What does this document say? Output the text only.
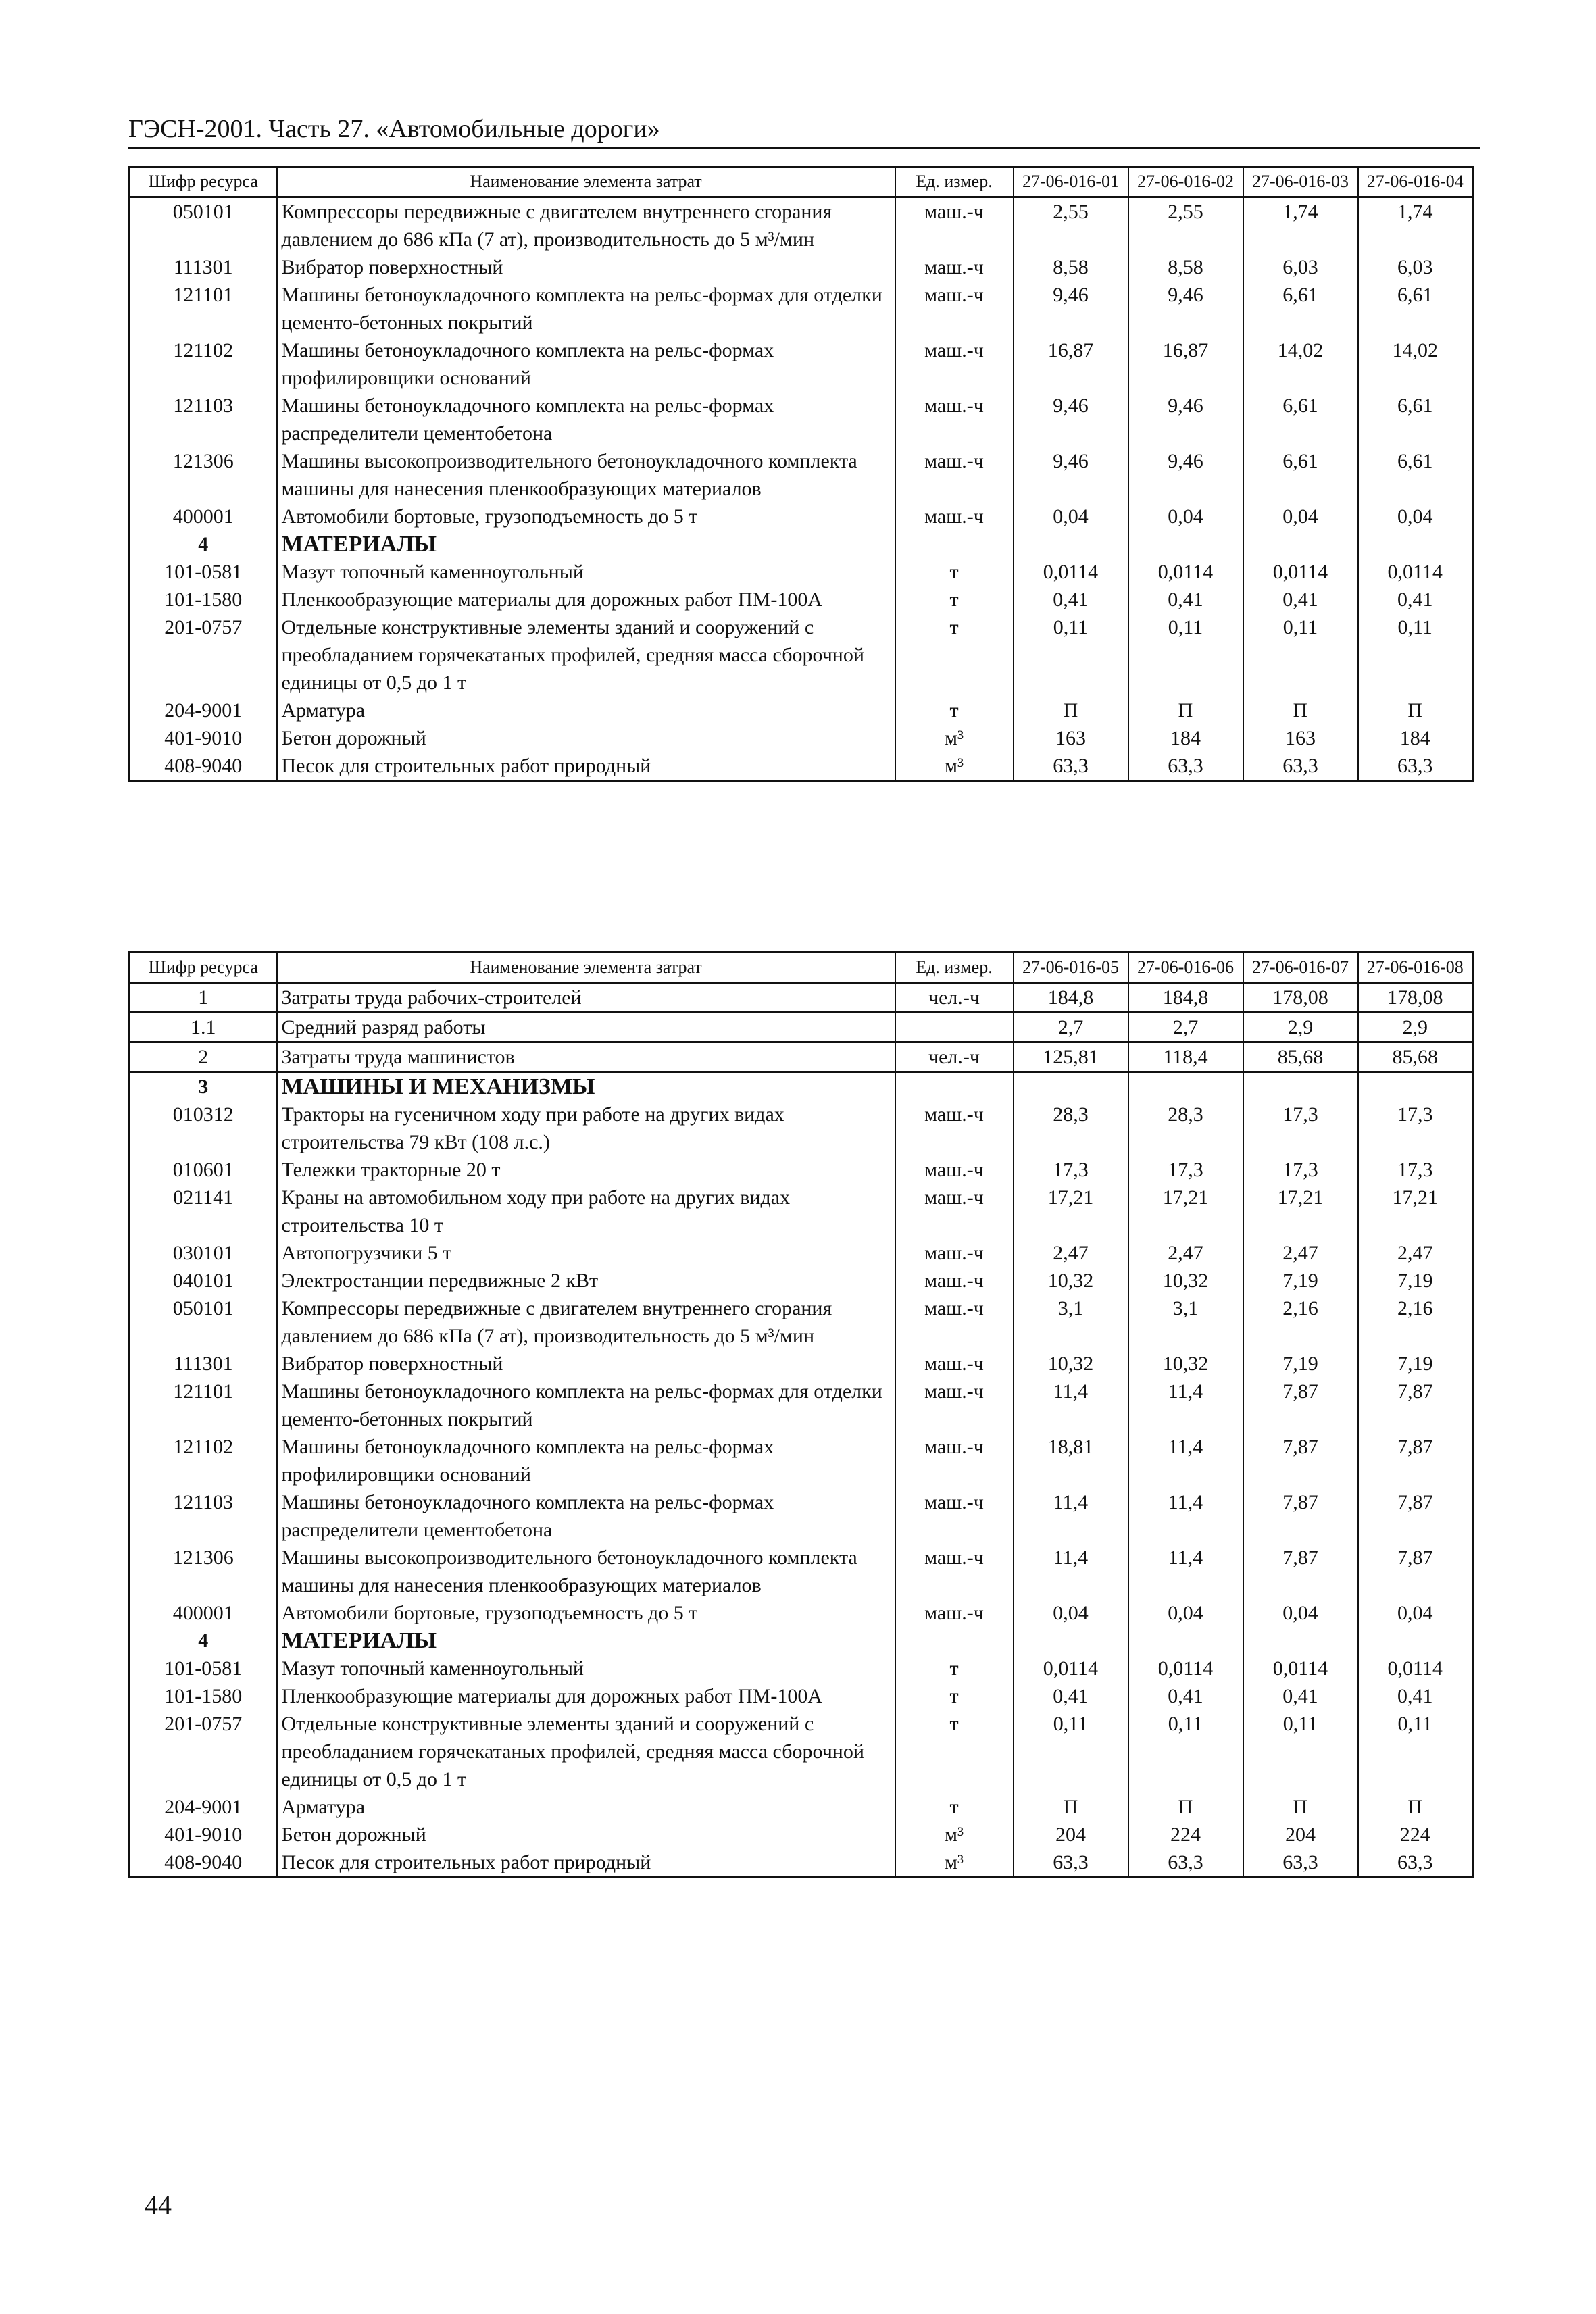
ГЭСН-2001. Часть 27. «Автомобильные дороги»
Шифр ресурса	Наименование элемента затрат	Ед. измер.	27-06-016-01	27-06-016-02	27-06-016-03	27-06-016-04
050101	Компрессоры передвижные с двигателем внутреннего сгорания давлением до 686 кПа (7 ат), производительность до 5 м³/мин	маш.-ч	2,55	2,55	1,74	1,74
111301	Вибратор поверхностный	маш.-ч	8,58	8,58	6,03	6,03
121101	Машины бетоноукладочного комплекта на рельс-формах для отделки цементо-бетонных покрытий	маш.-ч	9,46	9,46	6,61	6,61
121102	Машины бетоноукладочного комплекта на рельс-формах профилировщики оснований	маш.-ч	16,87	16,87	14,02	14,02
121103	Машины бетоноукладочного комплекта на рельс-формах распределители цементобетона	маш.-ч	9,46	9,46	6,61	6,61
121306	Машины высокопроизводительного бетоноукладочного комплекта машины для нанесения пленкообразующих материалов	маш.-ч	9,46	9,46	6,61	6,61
400001	Автомобили бортовые, грузоподъемность до 5 т	маш.-ч	0,04	0,04	0,04	0,04
4	МАТЕРИАЛЫ					
101-0581	Мазут топочный каменноугольный	т	0,0114	0,0114	0,0114	0,0114
101-1580	Пленкообразующие материалы для дорожных работ ПМ-100А	т	0,41	0,41	0,41	0,41
201-0757	Отдельные конструктивные элементы зданий и сооружений с преобладанием горячекатаных профилей, средняя масса сборочной единицы от 0,5 до 1 т	т	0,11	0,11	0,11	0,11
204-9001	Арматура	т	П	П	П	П
401-9010	Бетон дорожный	м³	163	184	163	184
408-9040	Песок для строительных работ природный	м³	63,3	63,3	63,3	63,3
Шифр ресурса	Наименование элемента затрат	Ед. измер.	27-06-016-05	27-06-016-06	27-06-016-07	27-06-016-08
1	Затраты труда рабочих-строителей	чел.-ч	184,8	184,8	178,08	178,08
1.1	Средний разряд работы		2,7	2,7	2,9	2,9
2	Затраты труда машинистов	чел.-ч	125,81	118,4	85,68	85,68
3	МАШИНЫ И МЕХАНИЗМЫ					
010312	Тракторы на гусеничном ходу при работе на других видах строительства 79 кВт (108 л.с.)	маш.-ч	28,3	28,3	17,3	17,3
010601	Тележки тракторные 20 т	маш.-ч	17,3	17,3	17,3	17,3
021141	Краны на автомобильном ходу при работе на других видах строительства 10 т	маш.-ч	17,21	17,21	17,21	17,21
030101	Автопогрузчики 5 т	маш.-ч	2,47	2,47	2,47	2,47
040101	Электростанции передвижные 2 кВт	маш.-ч	10,32	10,32	7,19	7,19
050101	Компрессоры передвижные с двигателем внутреннего сгорания давлением до 686 кПа (7 ат), производительность до 5 м³/мин	маш.-ч	3,1	3,1	2,16	2,16
111301	Вибратор поверхностный	маш.-ч	10,32	10,32	7,19	7,19
121101	Машины бетоноукладочного комплекта на рельс-формах для отделки цементо-бетонных покрытий	маш.-ч	11,4	11,4	7,87	7,87
121102	Машины бетоноукладочного комплекта на рельс-формах профилировщики оснований	маш.-ч	18,81	11,4	7,87	7,87
121103	Машины бетоноукладочного комплекта на рельс-формах распределители цементобетона	маш.-ч	11,4	11,4	7,87	7,87
121306	Машины высокопроизводительного бетоноукладочного комплекта машины для нанесения пленкообразующих материалов	маш.-ч	11,4	11,4	7,87	7,87
400001	Автомобили бортовые, грузоподъемность до 5 т	маш.-ч	0,04	0,04	0,04	0,04
4	МАТЕРИАЛЫ					
101-0581	Мазут топочный каменноугольный	т	0,0114	0,0114	0,0114	0,0114
101-1580	Пленкообразующие материалы для дорожных работ ПМ-100А	т	0,41	0,41	0,41	0,41
201-0757	Отдельные конструктивные элементы зданий и сооружений с преобладанием горячекатаных профилей, средняя масса сборочной единицы от 0,5 до 1 т	т	0,11	0,11	0,11	0,11
204-9001	Арматура	т	П	П	П	П
401-9010	Бетон дорожный	м³	204	224	204	224
408-9040	Песок для строительных работ природный	м³	63,3	63,3	63,3	63,3
44
